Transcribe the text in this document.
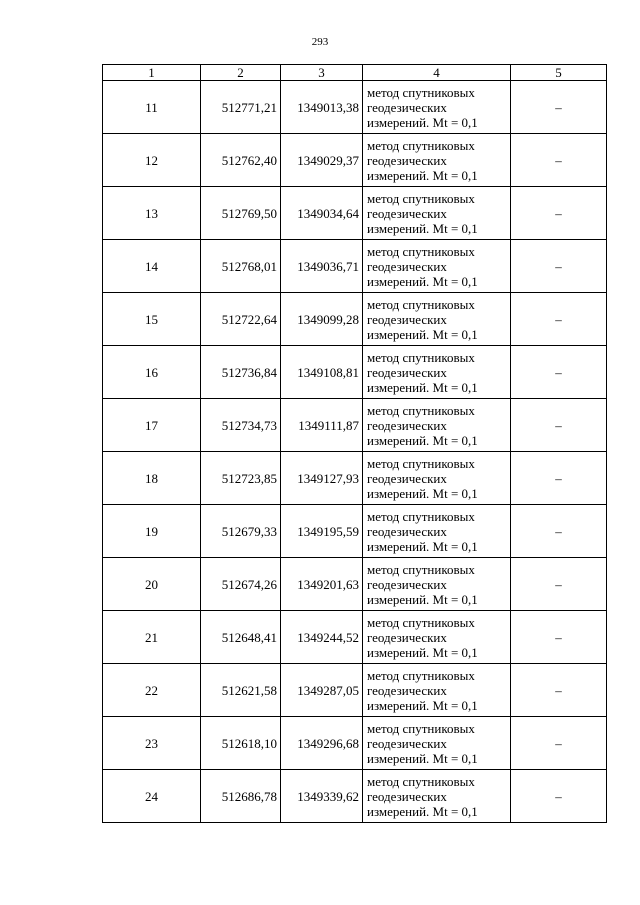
293
1	2	3	4	5
11	512771,21	1349013,38	метод спутниковых
геодезических
измерений. Mt = 0,1	–
12	512762,40	1349029,37	метод спутниковых
геодезических
измерений. Mt = 0,1	–
13	512769,50	1349034,64	метод спутниковых
геодезических
измерений. Mt = 0,1	–
14	512768,01	1349036,71	метод спутниковых
геодезических
измерений. Mt = 0,1	–
15	512722,64	1349099,28	метод спутниковых
геодезических
измерений. Mt = 0,1	–
16	512736,84	1349108,81	метод спутниковых
геодезических
измерений. Mt = 0,1	–
17	512734,73	1349111,87	метод спутниковых
геодезических
измерений. Mt = 0,1	–
18	512723,85	1349127,93	метод спутниковых
геодезических
измерений. Mt = 0,1	–
19	512679,33	1349195,59	метод спутниковых
геодезических
измерений. Mt = 0,1	–
20	512674,26	1349201,63	метод спутниковых
геодезических
измерений. Mt = 0,1	–
21	512648,41	1349244,52	метод спутниковых
геодезических
измерений. Mt = 0,1	–
22	512621,58	1349287,05	метод спутниковых
геодезических
измерений. Mt = 0,1	–
23	512618,10	1349296,68	метод спутниковых
геодезических
измерений. Mt = 0,1	–
24	512686,78	1349339,62	метод спутниковых
геодезических
измерений. Mt = 0,1	–
